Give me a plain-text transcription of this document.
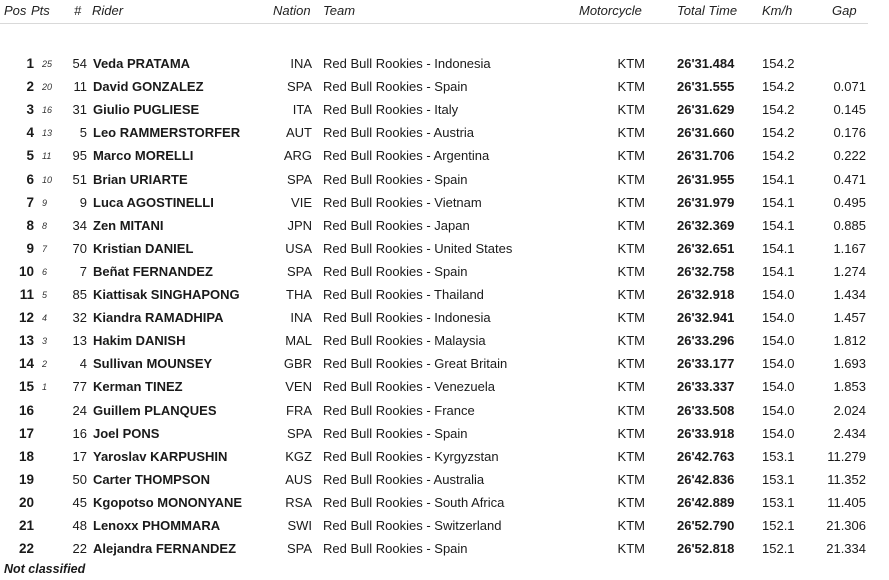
Pos Pts # Rider	Nation Team	Motorcycle	Total Time Km/h	Gap
1 25	54 Veda PRATAMA	INA Red Bull Rookies - Indonesia	KTM 26'31.484 154.2
2 20	11 David GONZALEZ	SPA Red Bull Rookies - Spain	KTM 26'31.555 154.2	0.071
3 16	31 Giulio PUGLIESE	ITA Red Bull Rookies - Italy	KTM 26'31.629 154.2	0.145
4 13	5 Leo RAMMERSTORFER	AUT Red Bull Rookies - Austria	KTM 26'31.660 154.2	0.176
5 11	95 Marco MORELLI	ARG Red Bull Rookies - Argentina	KTM 26'31.706 154.2	0.222
6 10	51 Brian URIARTE	SPA Red Bull Rookies - Spain	KTM 26'31.955 154.1	0.471
7 9	9 Luca AGOSTINELLI	VIE Red Bull Rookies - Vietnam	KTM 26'31.979 154.1	0.495
8 8	34 Zen MITANI	JPN Red Bull Rookies - Japan	KTM 26'32.369 154.1	0.885
9 7	70 Kristian DANIEL	USA Red Bull Rookies - United States	KTM 26'32.651 154.1	1.167
10 6	7 Beñat FERNANDEZ	SPA Red Bull Rookies - Spain	KTM 26'32.758 154.1	1.274
11 5	85 Kiattisak SINGHAPONG	THA Red Bull Rookies - Thailand	KTM 26'32.918 154.0	1.434
12 4	32 Kiandra RAMADHIPA	INA Red Bull Rookies - Indonesia	KTM 26'32.941 154.0	1.457
13 3	13 Hakim DANISH	MAL Red Bull Rookies - Malaysia	KTM 26'33.296 154.0	1.812
14 2	4 Sullivan MOUNSEY	GBR Red Bull Rookies - Great Britain	KTM 26'33.177 154.0	1.693
15 1	77 Kerman TINEZ	VEN Red Bull Rookies - Venezuela	KTM 26'33.337 154.0	1.853
16	24 Guillem PLANQUES	FRA Red Bull Rookies - France	KTM 26'33.508 154.0	2.024
17	16 Joel PONS	SPA Red Bull Rookies - Spain	KTM 26'33.918 154.0	2.434
18	17 Yaroslav KARPUSHIN	KGZ Red Bull Rookies - Kyrgyzstan	KTM 26'42.763 153.1	11.279
19	50 Carter THOMPSON	AUS Red Bull Rookies - Australia	KTM 26'42.836 153.1	11.352
20	45 Kgopotso MONONYANE	RSA Red Bull Rookies - South Africa	KTM 26'42.889 153.1	11.405
21	48 Lenoxx PHOMMARA	SWI Red Bull Rookies - Switzerland	KTM 26'52.790 152.1	21.306
22	22 Alejandra FERNANDEZ	SPA Red Bull Rookies - Spain	KTM 26'52.818 152.1	21.334
Not classified
